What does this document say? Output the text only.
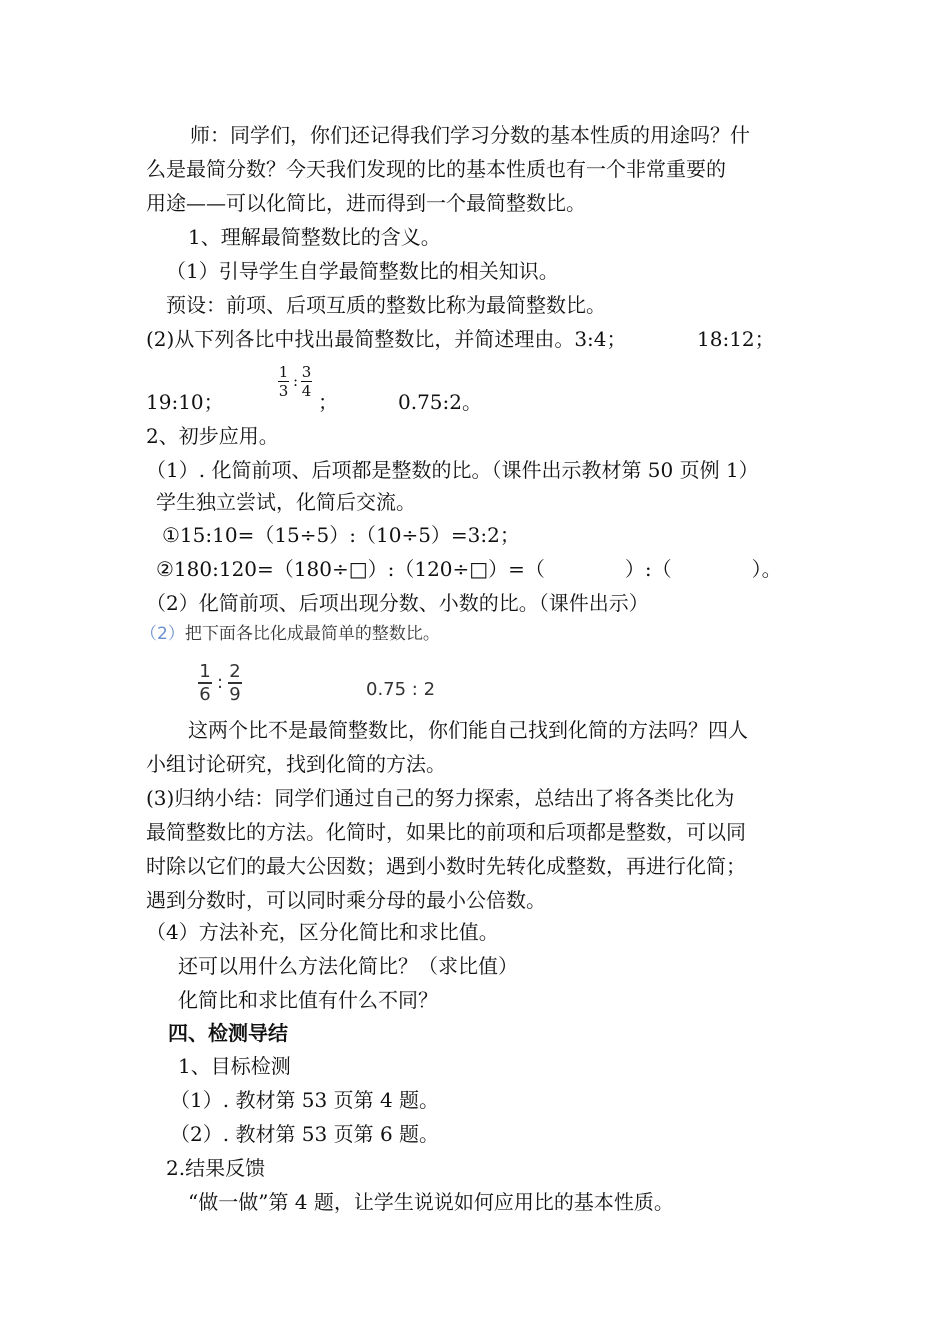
师：同学们，你们还记得我们学习分数的基本性质的用途吗？什
么是最简分数？今天我们发现的比的基本性质也有一个非常重要的
用途——可以化简比，进而得到一个最简整数比。
1、理解最简整数比的含义。
（1）引导学生自学最简整数比的相关知识。
预设：前项、后项互质的整数比称为最简整数比。
(2)从下列各比中找出最简整数比，并简述理由。3:4；	18:12；
19:10；
1
3
: 3
4 ；	0.75:2。
2、初步应用。
（1）. 化简前项、后项都是整数的比。（课件出示教材第 50 页例 1）
学生独立尝试，化简后交流。
①15:10=（15÷5）:（10÷5）=3:2；
②180:120=（180÷□）:（120÷□）=（　　　　）:（　　　　）。
（2）化简前项、后项出现分数、小数的比。（课件出示）
（2）把下面各比化成最简单的整数比。
1
6
:
2
9	0.75 : 2
这两个比不是最简整数比，你们能自己找到化简的方法吗？四人
小组讨论研究，找到化简的方法。
(3)归纳小结：同学们通过自己的努力探索，总结出了将各类比化为
最简整数比的方法。化简时，如果比的前项和后项都是整数，可以同
时除以它们的最大公因数；遇到小数时先转化成整数，再进行化简；
遇到分数时，可以同时乘分母的最小公倍数。
（4）方法补充，区分化简比和求比值。
还可以用什么方法化简比？（求比值）
化简比和求比值有什么不同？
四、检测导结
1、目标检测
（1）. 教材第 53 页第 4 题。
（2）. 教材第 53 页第 6 题。
2.结果反馈
“做一做”第 4 题，让学生说说如何应用比的基本性质。
